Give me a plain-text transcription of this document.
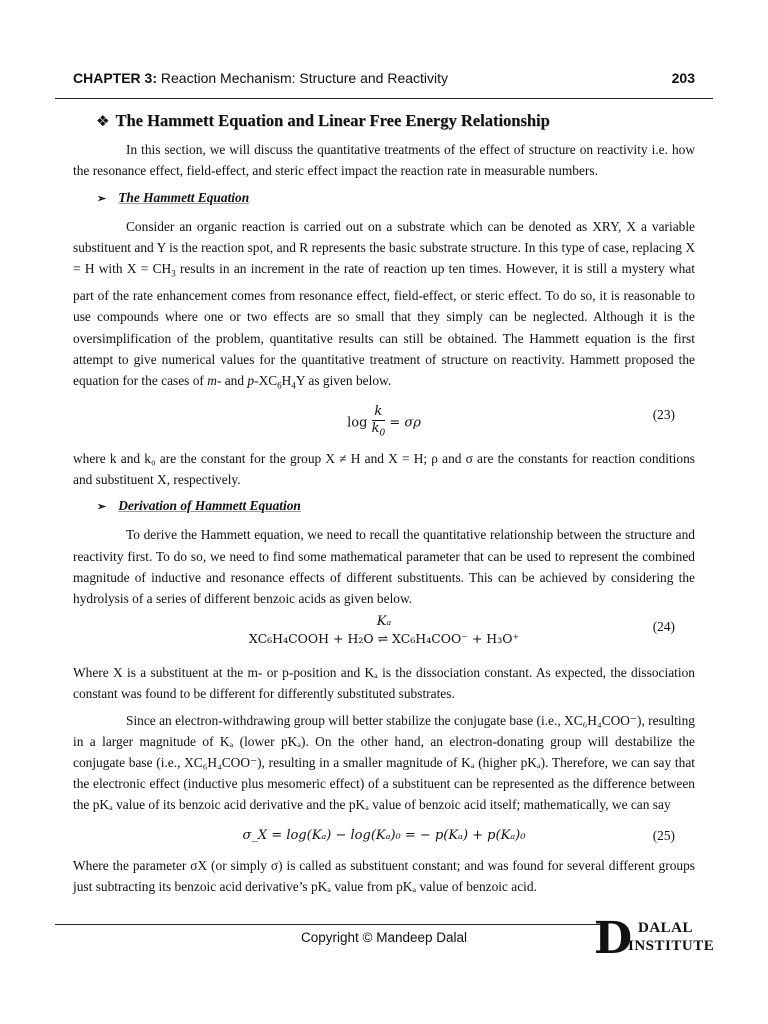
CHAPTER 3: Reaction Mechanism: Structure and Reactivity	203
❖ The Hammett Equation and Linear Free Energy Relationship

In this section, we will discuss the quantitative treatments of the effect of structure on reactivity i.e. how the resonance effect, field-effect, and steric effect impact the reaction rate in measurable numbers.

➢ The Hammett Equation

Consider an organic reaction is carried out on a substrate which can be denoted as XRY, X a variable substituent and Y is the reaction spot, and R represents the basic substrate structure. In this type of case, replacing X = H with $X = CH_3$ results in an increment in the rate of reaction up ten times. However, it is still a mystery what part of the rate enhancement comes from resonance effect, field-effect, or steric effect. To do so, it is reasonable to use compounds where one or two effects are so small that they simply can be neglected. Although it is the oversimplification of the problem, quantitative results can still be obtained. The Hammett equation is the first attempt to give numerical values for the quantitative treatment of structure on reactivity. Hammett proposed the equation for the cases of m- and $p-XC_6H_4Y$ as given below.

$\log \frac{k}{k_0} = \sigma\rho$
(23)

where k and k₀ are the constant for the group X ≠ H and X = H; ρ and σ are the constants for reaction conditions and substituent X, respectively.

➢ Derivation of Hammett Equation

To derive the Hammett equation, we need to recall the quantitative relationship between the structure and reactivity first. To do so, we need to find some mathematical parameter that can be used to represent the combined magnitude of inductive and resonance effects of different substituents. This can be achieved by considering the hydrolysis of a series of different benzoic acids as given below.

Kₐ
XC₆H₄COOH + H₂O ⇌ XC₆H₄COO⁻ + H₃O⁺
(24)

Where X is a substituent at the m- or p-position and Kₐ is the dissociation constant. As expected, the dissociation constant was found to be different for differently substituted substrates.

Since an electron-withdrawing group will better stabilize the conjugate base (i.e., XC₆H₄COO⁻), resulting in a larger magnitude of Kₐ (lower pKₐ). On the other hand, an electron-donating group will destabilize the conjugate base (i.e., XC₆H₄COO⁻), resulting in a smaller magnitude of Kₐ (higher pKₐ). Therefore, we can say that the electronic effect (inductive plus mesomeric effect) of a substituent can be represented as the difference between the pKₐ value of its benzoic acid derivative and the pKₐ value of benzoic acid itself; mathematically, we can say

σ_X = log(Kₐ) − log(Kₐ)₀ = − p(Kₐ) + p(Kₐ)₀	(25)

Where the parameter σX (or simply σ) is called as substituent constant; and was found for several different groups just subtracting its benzoic acid derivative’s pKₐ value from pKₐ value of benzoic acid.

Copyright © Mandeep Dalal	D DALAL
INSTITUTE
